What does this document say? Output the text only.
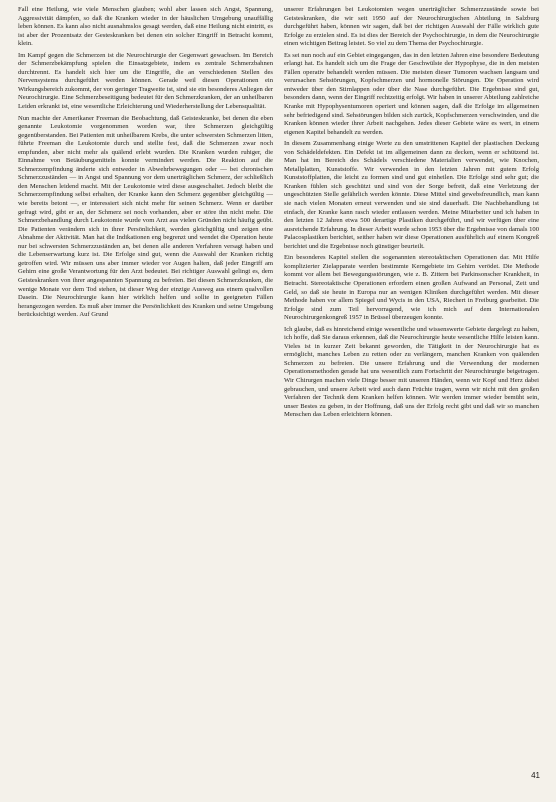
Fall eine Heilung, wie viele Menschen glauben; wohl aber lassen sich Angst, Spannung, Aggressivität dämpfen, so daß die Kranken wieder in der häuslichen Umgebung unauffällig leben können. Es kann also nicht ausnahmslos gesagt werden, daß eine Heilung nicht eintritt, es ist aber der Prozentsatz der Gesteskranken bei denen ein solcher Eingriff in Betracht kommt, klein.

Im Kampf gegen die Schmerzen ist die Neurochirurgie der Gegenwart gewachsen. Im Bereich der Schmerzbekämpfung spielen die Einsatzgebiete, indem es zentrale Schmerzbahnen durchtrennt. Es handelt sich hier um die Eingriffe, die an verschiedenen Stellen des Nervensystems durchgeführt werden können. Gerade weil diesen Operationen ein Wirkungsbereich zukommt, der von geringer Tragweite ist, sind sie ein besonderes Anliegen der Neurochirurgie. Eine Schmerzbeseitigung bedeutet für den Schmerzkranken, der an unheilbaren Leiden erkrankt ist, eine wesentliche Erleichterung und Wiederherstellung der Lebensqualität.

Nun machte der Amerikaner Freeman die Beobachtung, daß Geisteskranke, bei denen die eben genannte Leukotomie vorgenommen worden war, ihre Schmerzen gleichgültig gegenüberstanden. Bei Patienten mit unheilbarem Krebs, die unter schwersten Schmerzen litten, führte Freeman die Leukotomie durch und stellte fest, daß die Schmerzen zwar noch empfunden, aber nicht mehr als quälend erlebt wurden. Die Kranken wurden ruhiger, die Einnahme von Betäubungsmitteln konnte vermindert werden. Die Reaktion auf die Schmerzempfindung änderte sich entweder in Abwehrbewegungen oder — bei chronischen Schmerzzuständen — in Angst und Spannung vor dem unerträglichen Schmerz, der schließlich den Menschen leidend macht. Mit der Leukotomie wird diese ausgeschaltet. Jedoch bleibt die Schmerzempfindung selbst erhalten, der Kranke kann den Schmerz gegenüber gleichgültig — wie bereits betont —, er interessiert sich nicht mehr für seinen Schmerz. Wenn er darüber gefragt wird, gibt er an, der Schmerz sei noch vorhanden, aber er störe ihn nicht mehr. Die Schmerzbehandlung durch Leukotomie wurde vom Arzt aus vielen Gründen nicht häufig geübt. Die Patienten verändern sich in ihrer Persönlichkeit, werden gleichgültig und zeigen eine Abnahme der Aktivität. Man hat die Indikationen eng begrenzt und wendet die Operation heute nur bei schwersten Schmerzzuständen an, bei denen alle anderen Verfahren versagt haben und die Lebenserwartung kurz ist. Die Erfolge sind gut, wenn die Auswahl der Kranken richtig getroffen wird. Wir müssen uns aber immer wieder vor Augen halten, daß jeder Eingriff am Gehirn eine große Verantwortung für den Arzt bedeutet. Bei richtiger Auswahl gelingt es, dem Geisteskranken von ihrer angespannten Spannung zu befreien. Bei diesen Schmerzkranken, die wenige Monate vor dem Tod stehen, ist dieser Weg der einzige Ausweg aus einem qualvollen Dasein. Die Neurochirurgie kann hier wirklich helfen und sollte in geeigneten Fällen herangezogen werden. Es muß aber immer die Persönlichkeit des Kranken und seine Umgebung berücksichtigt werden. Auf Grund

unserer Erfahrungen bei Leukotomien wegen unerträglicher Schmerzzustände sowie bei Geisteskranken, die wir seit 1950 auf der Neurochirurgischen Abteilung in Salzburg durchgeführt haben, können wir sagen, daß bei der richtigen Auswahl der Fälle wirklich gute Erfolge zu erzielen sind. Es ist dies der Bereich der Psychochirurgie, in dem die Neurochirurgie einen wichtigen Beitrag leistet. So viel zu dem Thema der Psychochirurgie.

Es sei nun noch auf ein Gebiet eingegangen, das in den letzten Jahren eine besondere Bedeutung erlangt hat. Es handelt sich um die Frage der Geschwülste der Hypophyse, die in den meisten Fällen operativ behandelt werden müssen. Die meisten dieser Tumoren wachsen langsam und verursachen Sehstörungen, Kopfschmerzen und hormonelle Störungen. Die Operation wird entweder über den Stirnlappen oder über die Nase durchgeführt. Die Ergebnisse sind gut, besonders dann, wenn der Eingriff rechtzeitig erfolgt. Wir haben in unserer Abteilung zahlreiche Kranke mit Hypophysentumoren operiert und können sagen, daß die Erfolge im allgemeinen sehr befriedigend sind. Sehstörungen bilden sich zurück, Kopfschmerzen verschwinden, und die Kranken können wieder ihrer Arbeit nachgehen. Jedes dieser Gebiete wäre es wert, in einem eigenen Kapitel behandelt zu werden.

In diesem Zusammenhang einige Worte zu den umstrittenen Kapitel der plastischen Deckung von Schädeldefekten. Ein Defekt ist im allgemeinen dann zu decken, wenn er schützend ist. Man hat im Bereich des Schädels verschiedene Materialien verwendet, wie Knochen, Metallplatten, Kunststoffe. Wir verwenden in den letzten Jahren mit gutem Erfolg Kunststoffplatten, die leicht zu formen sind und gut einheilen. Die Erfolge sind sehr gut; die Kranken fühlen sich geschützt und sind von der Sorge befreit, daß eine Verletzung der ungeschützten Stelle gefährlich werden könnte. Diese Mittel sind gewebsfreundlich, man kann sie nach vielen Monaten erneut verwenden und sie sind dauerhaft. Die Nachbehandlung ist einfach, der Kranke kann rasch wieder entlassen werden. Meine Mitarbeiter und ich haben in den letzten 12 Jahren etwa 500 derartige Plastiken durchgeführt, und wir verfügen über eine ausreichende Erfahrung. In dieser Arbeit wurde schon 1953 über die Ergebnisse von damals 100 Palacosplastiken berichtet, seither haben wir diese Operationen ausführlich auf einem Kongreß berichtet und die Ergebnisse noch günstiger beurteilt.

Ein besonderes Kapitel stellen die sogenannten stereotaktischen Operationen dar. Mit Hilfe komplizierter Zielapparate werden bestimmte Kerngebiete im Gehirn verödet. Die Methode kommt vor allem bei Bewegungsstörungen, wie z. B. Zittern bei Parkinsonscher Krankheit, in Betracht. Stereotaktische Operationen erfordern einen großen Aufwand an Personal, Zeit und Geld, so daß sie heute in Europa nur an wenigen Kliniken durchgeführt werden. Mit dieser Methode haben vor allem Spiegel und Wycis in den USA, Riechert in Freiburg gearbeitet. Die Erfolge sind zum Teil hervorragend, wie ich mich auf dem Internationalen Neurochirurgenkongreß 1957 in Brüssel überzeugen konnte.

Ich glaube, daß es hinreichend einige wesentliche und wissenswerte Gebiete dargelegt zu haben, ich hoffe, daß Sie daraus erkennen, daß die Neurochirurgie heute wesentliche Hilfe leisten kann. Vieles ist in kurzer Zeit bekannt geworden, die Tätigkeit in der Neurochirurgie hat es ermöglicht, manches Leben zu retten oder zu verlängern, manchen Kranken von quälenden Schmerzen zu befreien. Die unsere Erfahrung und die Verwendung der modernen Operationsmethoden gerade hat uns wesentlich zum Fortschritt der Neurochirurgie beigetragen. Wir Chirurgen machen viele Dinge besser mit unseren Händen, wenn wir Kopf und Herz dabei gebrauchen, und unsere Arbeit wird auch dann Früchte tragen, wenn wir nicht mit den großen Verfahren der Technik dem Kranken helfen können. Wir werden immer wieder bemüht sein, unser Bestes zu geben, in der Hoffnung, daß uns der Erfolg recht gibt und daß wir so manchen Menschen das Leben erleichtern können.

41
